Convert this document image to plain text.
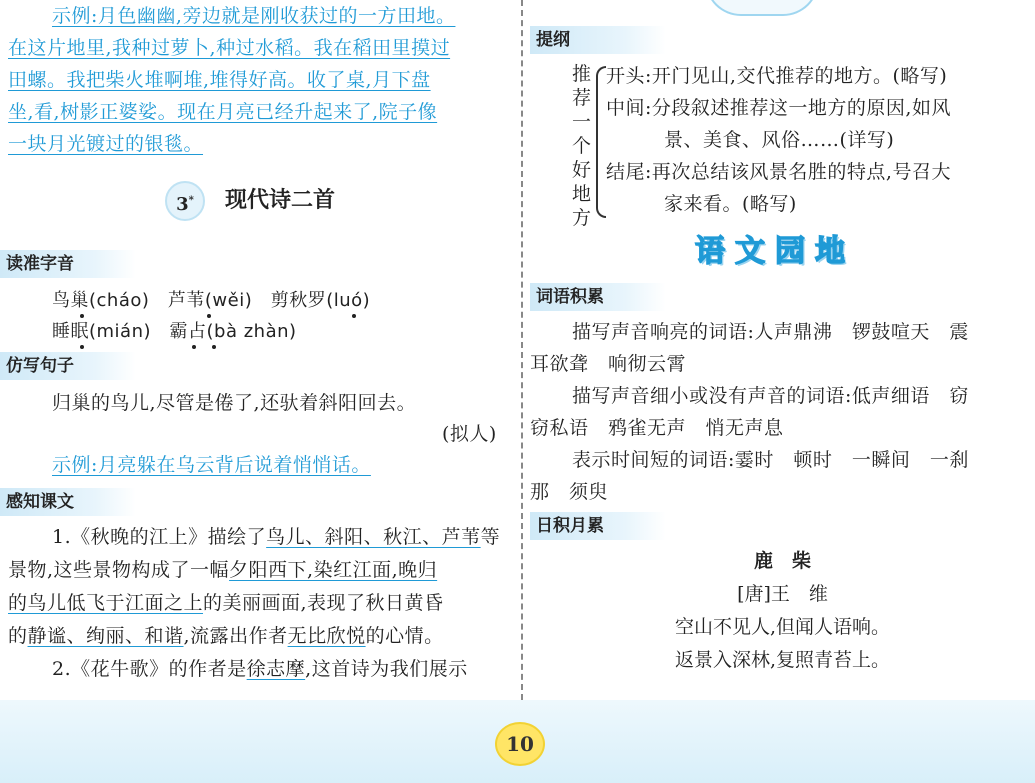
示例:月色幽幽,旁边就是刚收获过的一方田地。
在这片地里,我种过萝卜,种过水稻。我在稻田里摸过
田螺。我把柴火堆啊堆,堆得好高。收了桌,月下盘
坐,看,树影正婆娑。现在月亮已经升起来了,院子像
一块月光镀过的银毯。
3* 现代诗二首
读准字音
鸟巢(cháo)　芦苇(wěi)　剪秋罗(luó)
睡眠(mián)　霸占(bà zhàn)
仿写句子
归巢的鸟儿,尽管是倦了,还驮着斜阳回去。
(拟人)
示例:月亮躲在乌云背后说着悄悄话。
感知课文
1.《秋晚的江上》描绘了鸟儿、斜阳、秋江、芦苇等
景物,这些景物构成了一幅夕阳西下,染红江面,晚归
的鸟儿低飞于江面之上的美丽画面,表现了秋日黄昏
的静谧、绚丽、和谐,流露出作者无比欣悦的心情。
2.《花牛歌》的作者是徐志摩,这首诗为我们展示
提纲
推荐一个好地方
开头:开门见山,交代推荐的地方。(略写)
中间:分段叙述推荐这一地方的原因,如风
景、美食、风俗……(详写)
结尾:再次总结该风景名胜的特点,号召大
家来看。(略写)
语文园地
词语积累
描写声音响亮的词语:人声鼎沸　锣鼓喧天　震
耳欲聋　响彻云霄
描写声音细小或没有声音的词语:低声细语　窃
窃私语　鸦雀无声　悄无声息
表示时间短的词语:霎时　顿时　一瞬间　一刹
那　须臾
日积月累
鹿　柴
[唐]王　维
空山不见人,但闻人语响。
返景入深林,复照青苔上。
10
